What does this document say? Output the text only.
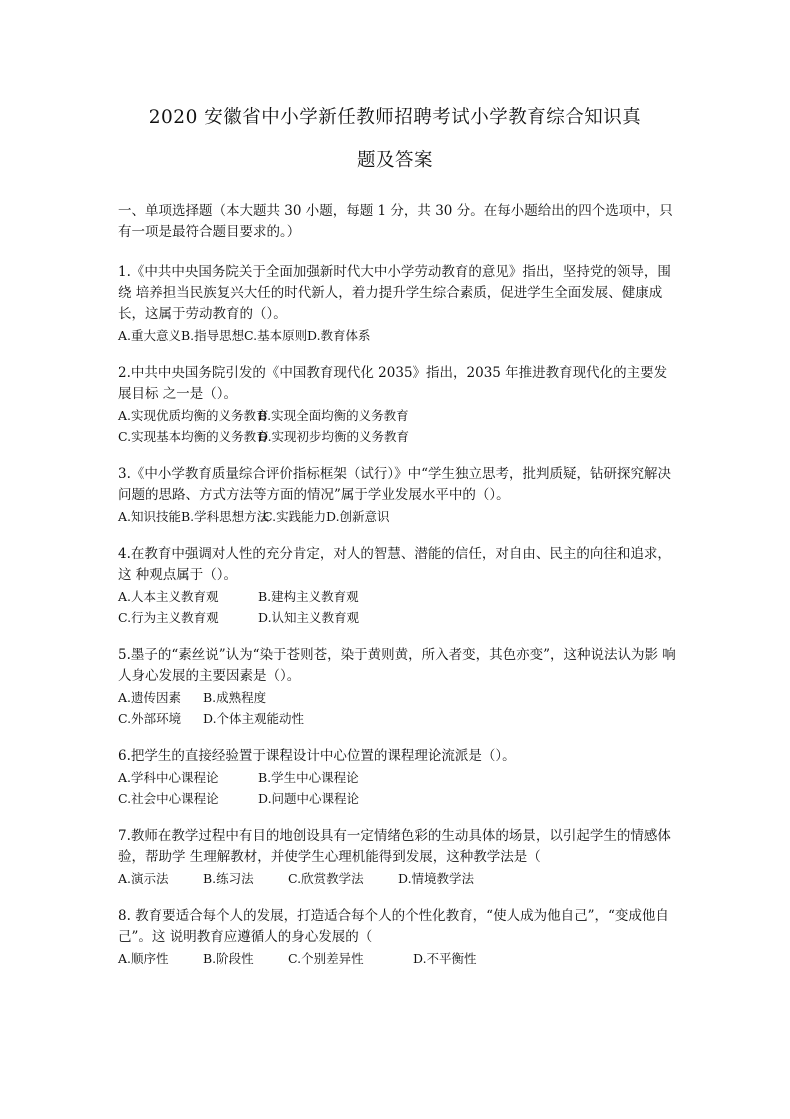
2020 安徽省中小学新任教师招聘考试小学教育综合知识真
题及答案
一、单项选择题（本大题共 30 小题，每题 1 分，共 30 分。在每小题给出的四个选项中，只 有一项是最符合题目要求的。）

1.《中共中央国务院关于全面加强新时代大中小学劳动教育的意见》指出，坚持党的领导，围绕 培养担当民族复兴大任的时代新人，着力提升学生综合素质，促进学生全面发展、健康成长，这属于劳动教育的（）。

A.重大意义B.指导思想C.基本原则D.教育体系

2.中共中央国务院引发的《中国教育现代化 2035》指出，2035 年推进教育现代化的主要发展目标 之一是（）。

A.实现优质均衡的义务教育B.实现全面均衡的义务教育
C.实现基本均衡的义务教育D.实现初步均衡的义务教育

3.《中小学教育质量综合评价指标框架（试行）》中“学生独立思考，批判质疑，钻研探究解决 问题的思路、方式方法等方面的情况”属于学业发展水平中的（）。

A.知识技能B.学科思想方法C.实践能力D.创新意识

4.在教育中强调对人性的充分肯定，对人的智慧、潜能的信任，对自由、民主的向往和追求，这 种观点属于（）。

A.人本主义教育观	B.建构主义教育观
C.行为主义教育观	D.认知主义教育观

5.墨子的“素丝说”认为“染于苍则苍，染于黄则黄，所入者变，其色亦变”，这种说法认为影 响人身心发展的主要因素是（）。

A.遗传因素 B.成熟程度
C.外部环境 D.个体主观能动性

6.把学生的直接经验置于课程设计中心位置的课程理论流派是（）。

A.学科中心课程论	B.学生中心课程论
C.社会中心课程论	D.问题中心课程论

7.教师在教学过程中有目的地创设具有一定情绪色彩的生动具体的场景，以引起学生的情感体验，帮助学 生理解教材，并使学生心理机能得到发展，这种教学法是（

A.演示法	B.练习法	C.欣赏教学法	D.情境教学法

8. 教育要适合每个人的发展，打造适合每个人的个性化教育，“使人成为他自己”，“变成他自己”。这 说明教育应遵循人的身心发展的（

A.顺序性	B.阶段性	C.个别差异性	D.不平衡性
